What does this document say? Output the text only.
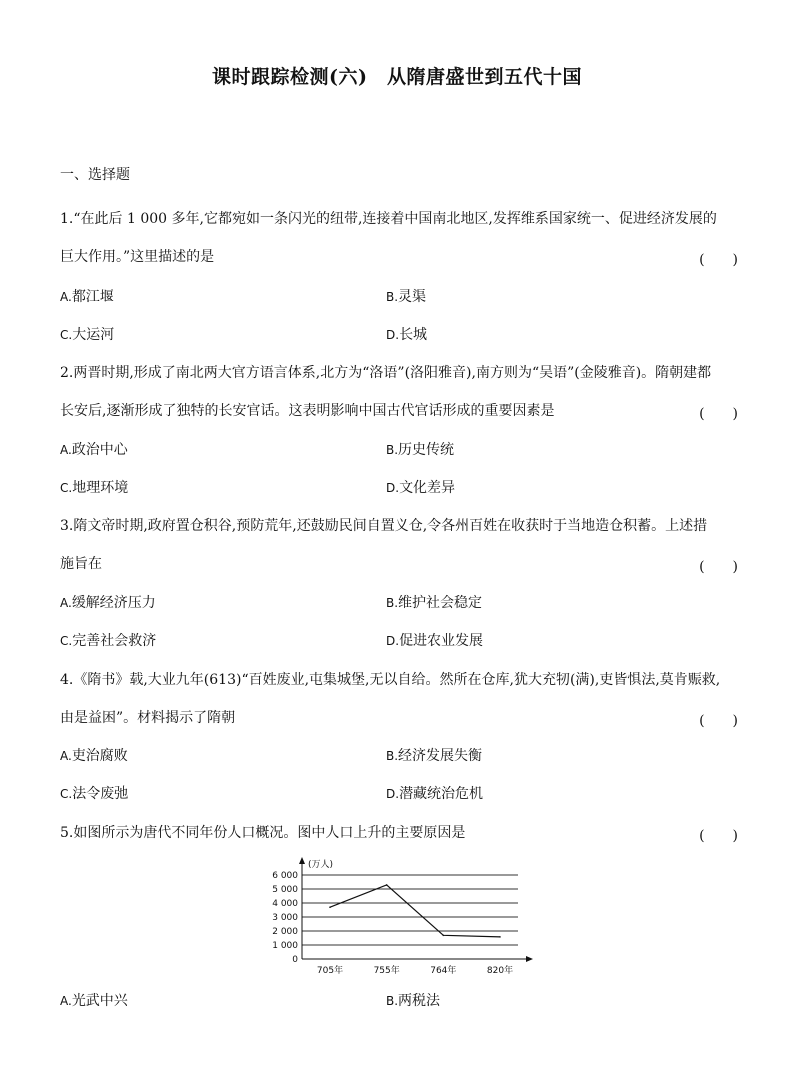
课时跟踪检测(六)　从隋唐盛世到五代十国
一、选择题
1.“在此后 1 000 多年,它都宛如一条闪光的纽带,连接着中国南北地区,发挥维系国家统一、促进经济发展的
巨大作用。”这里描述的是	(　　)
A.都江堰	B.灵渠
C.大运河	D.长城
2.两晋时期,形成了南北两大官方语言体系,北方为“洛语”(洛阳雅音),南方则为“吴语”(金陵雅音)。隋朝建都
长安后,逐渐形成了独特的长安官话。这表明影响中国古代官话形成的重要因素是	(　　)
A.政治中心	B.历史传统
C.地理环境	D.文化差异
3.隋文帝时期,政府置仓积谷,预防荒年,还鼓励民间自置义仓,令各州百姓在收获时于当地造仓积蓄。上述措
施旨在	(　　)
A.缓解经济压力	B.维护社会稳定
C.完善社会救济	D.促进农业发展
4.《隋书》载,大业九年(613)“百姓废业,屯集城堡,无以自给。然所在仓库,犹大充牣(满),吏皆惧法,莫肯赈救,
由是益困”。材料揭示了隋朝	(　　)
A.吏治腐败	B.经济发展失衡
C.法令废弛	D.潜藏统治危机
5.如图所示为唐代不同年份人口概况。图中人口上升的主要原因是	(　　)
0
1 000
2 000
3 000
4 000
5 000
6 000
(万人)
705年	755年	764年	820年
A.光武中兴	B.两税法
